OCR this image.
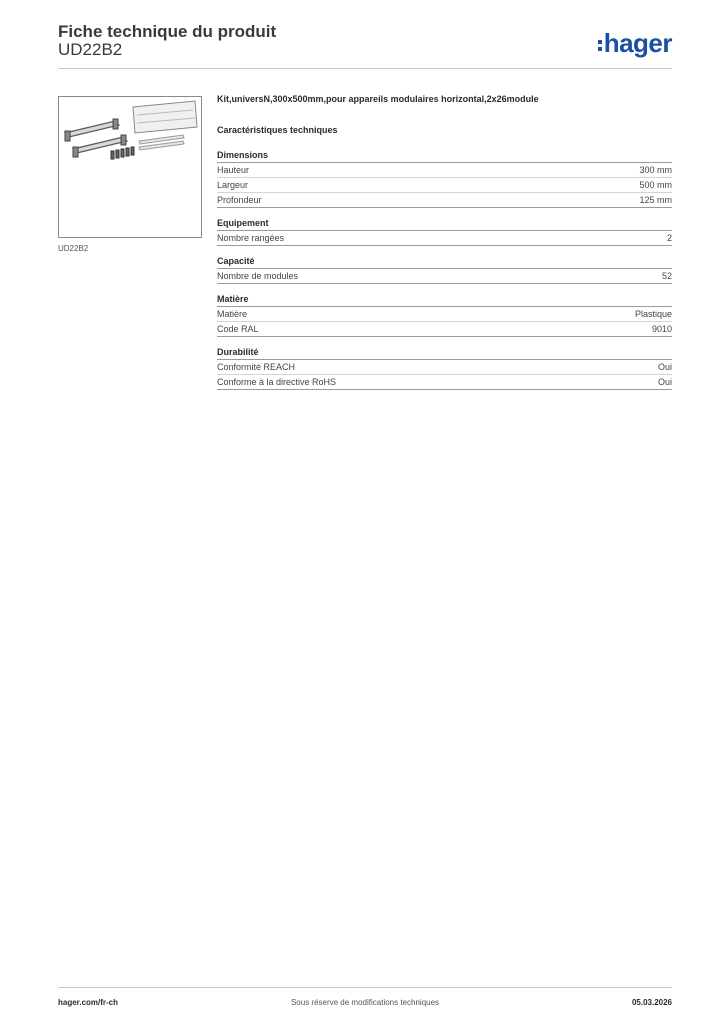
Fiche technique du produit
UD22B2	hager
UD22B2
Kit,universN,300x500mm,pour appareils modulaires horizontal,2x26module
Caractéristiques techniques
Dimensions
Hauteur	300 mm
Largeur	500 mm
Profondeur	125 mm
Equipement
Nombre rangées	2
Capacité
Nombre de modules	52
Matière
Matière	Plastique
Code RAL	9010
Durabilité
Conformité REACH	Oui
Conforme à la directive RoHS	Oui
hager.com/fr-ch	Sous réserve de modifications techniques	05.03.2026
